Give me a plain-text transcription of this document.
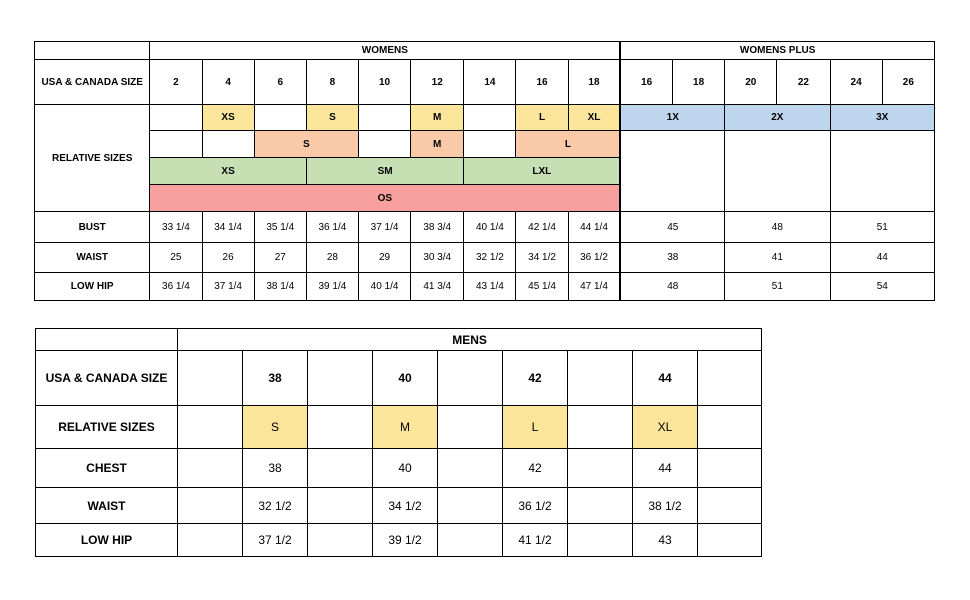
	WOMENS									WOMENS PLUS					
USA & CANADA SIZE	2	4	6	8	10	12	14	16	18	16	18	20	22	24	26
RELATIVE SIZES		XS		S		M		L	XL	1X		2X		3X	
			S			M		L							
	XS			SM			LXL								
	OS														
BUST	33 1/4	34 1/4	35 1/4	36 1/4	37 1/4	38 3/4	40 1/4	42 1/4	44 1/4	45		48		51	
WAIST	25	26	27	28	29	30 3/4	32 1/2	34 1/2	36 1/2	38		41		44	
LOW HIP	36 1/4	37 1/4	38 1/4	39 1/4	40 1/4	41 3/4	43 1/4	45 1/4	47 1/4	48		51		54	
	MENS								
USA & CANADA SIZE		38		40		42		44	
RELATIVE SIZES		S		M		L		XL	
CHEST		38		40		42		44	
WAIST		32 1/2		34 1/2		36 1/2		38 1/2	
LOW HIP		37 1/2		39 1/2		41 1/2		43	
